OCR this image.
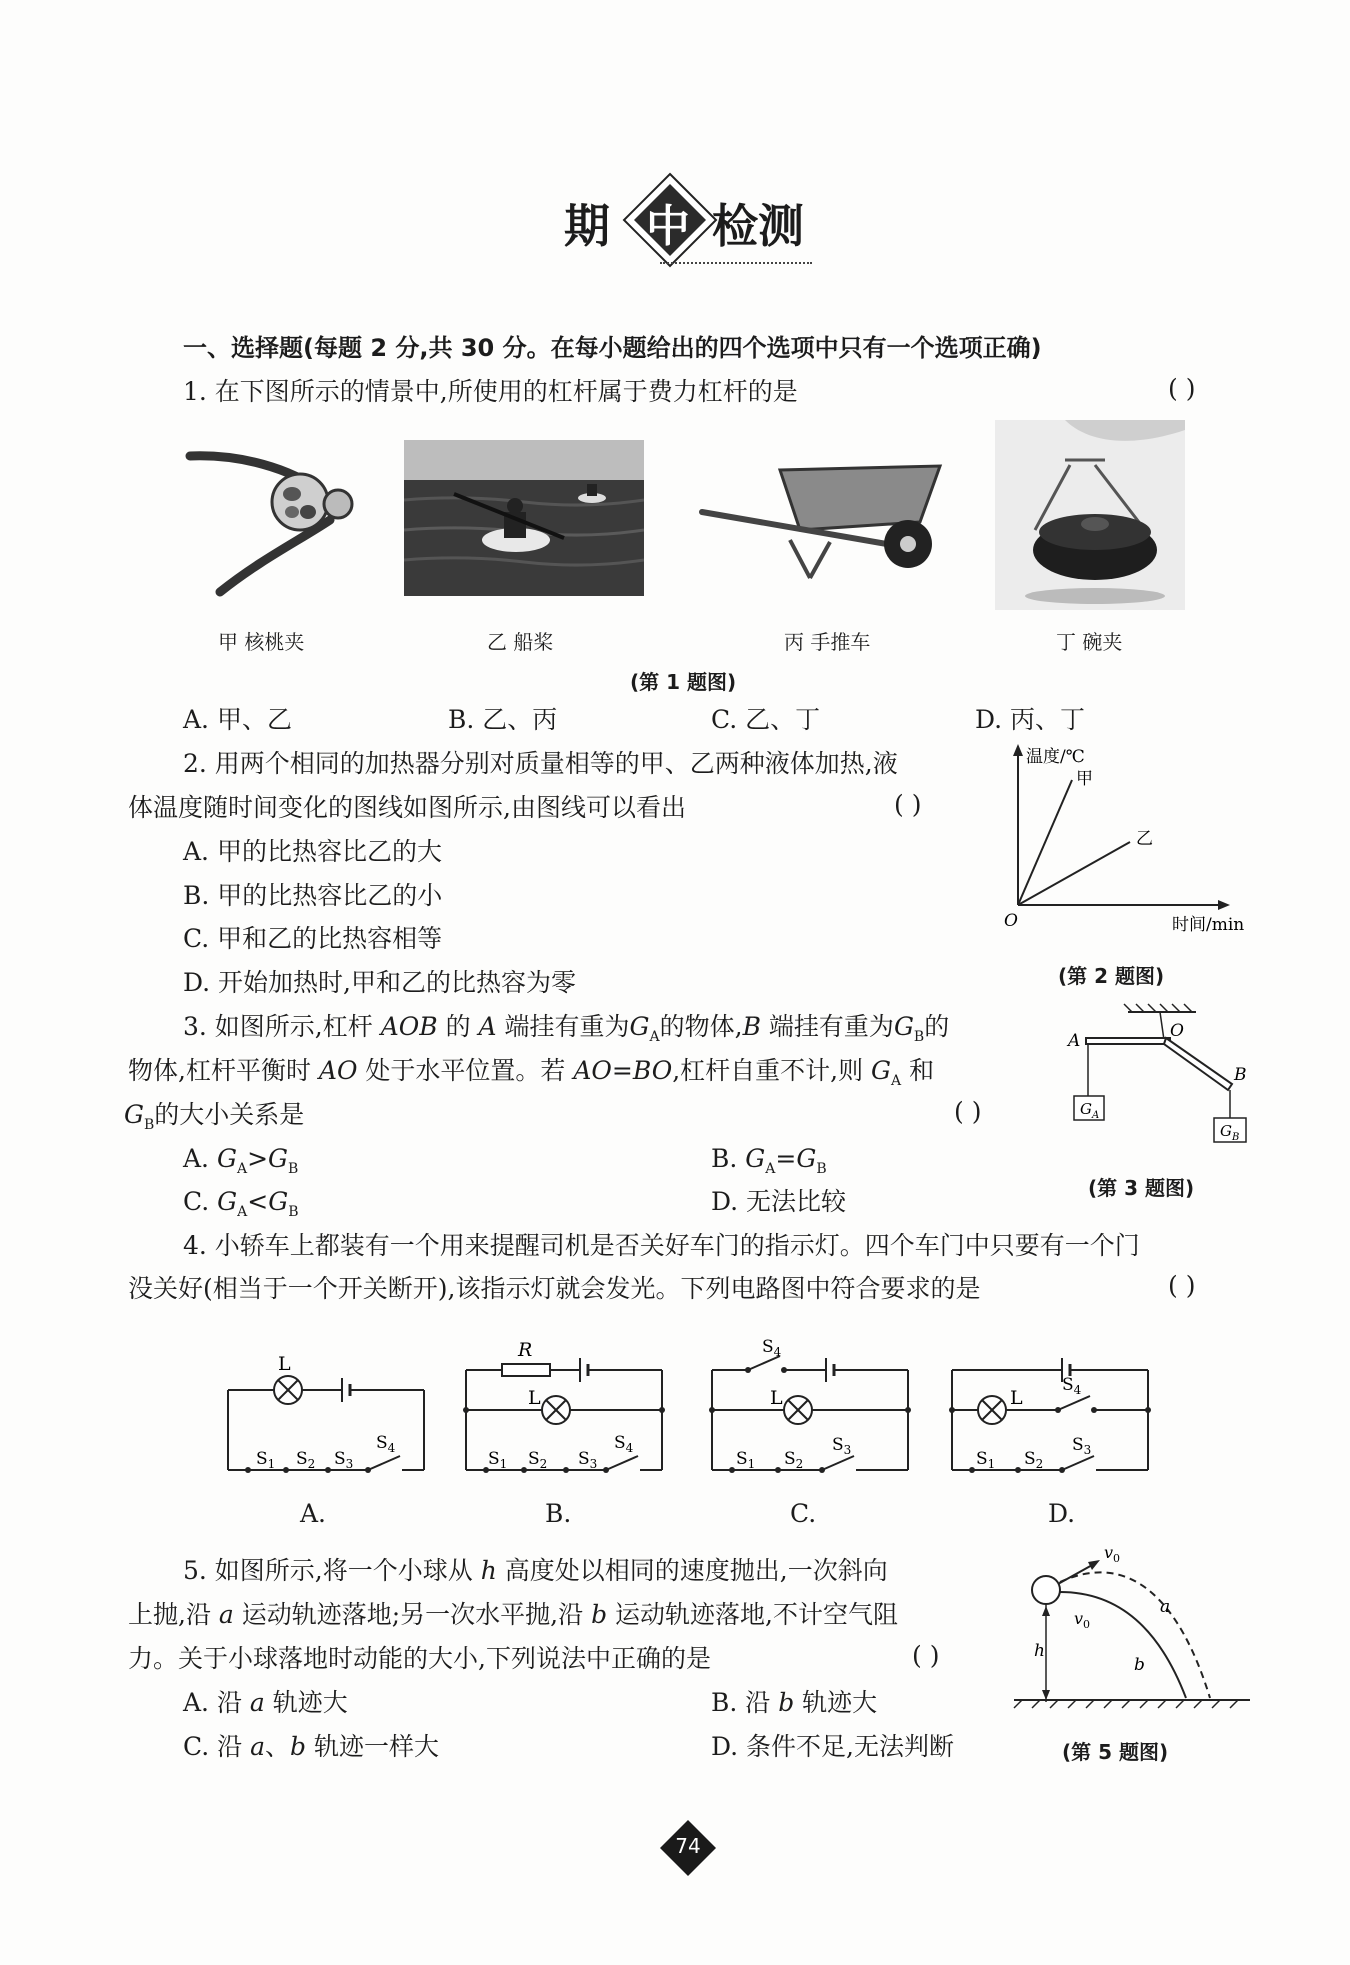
期 中 检测
一、选择题(每题 2 分,共 30 分。在每小题给出的四个选项中只有一个选项正确)
1. 在下图所示的情景中,所使用的杠杆属于费力杠杆的是	( )
甲 核桃夹	乙 船桨	丙 手推车	丁 碗夹
(第 1 题图)
A. 甲、乙	B. 乙、丙	C. 乙、丁	D. 丙、丁
2. 用两个相同的加热器分别对质量相等的甲、乙两种液体加热,液
体温度随时间变化的图线如图所示,由图线可以看出	( )
A. 甲的比热容比乙的大
B. 甲的比热容比乙的小
C. 甲和乙的比热容相等
D. 开始加热时,甲和乙的比热容为零
温度/℃
甲
乙
O	时间/min
(第 2 题图)
3. 如图所示,杠杆 AOB 的 A 端挂有重为$G_A$的物体,B 端挂有重为$G_B$的
物体,杠杆平衡时 AO 处于水平位置。若 AO=BO,杠杆自重不计,则 $G_A$ 和
$G_B$的大小关系是	( )
A. $G_A>G_B$	B. $G_A=G_B$
C. $G_A<G_B$	D. 无法比较
A	O
B
$G_A$
$G_B$
(第 3 题图)
4. 小轿车上都装有一个用来提醒司机是否关好车门的指示灯。四个车门中只要有一个门
没关好(相当于一个开关断开),该指示灯就会发光。下列电路图中符合要求的是	( )
L
$S_1$ $S_2$ $S_3$
$S_4$
A.
R
L
$S_1$ $S_2$ $S_3$
$S_4$
B.
$S_4$
L
$S_1$ $S_2$
$S_3$
C.
L
$S_4$
$S_1$ $S_2$
$S_3$
D.
5. 如图所示,将一个小球从 h 高度处以相同的速度抛出,一次斜向
上抛,沿 a 运动轨迹落地;另一次水平抛,沿 b 运动轨迹落地,不计空气阻
力。关于小球落地时动能的大小,下列说法中正确的是	( )
A. 沿 a 轨迹大	B. 沿 b 轨迹大
C. 沿 a、b 轨迹一样大	D. 条件不足,无法判断
$v_0$
$v_0$
a
b
h
(第 5 题图)
74
